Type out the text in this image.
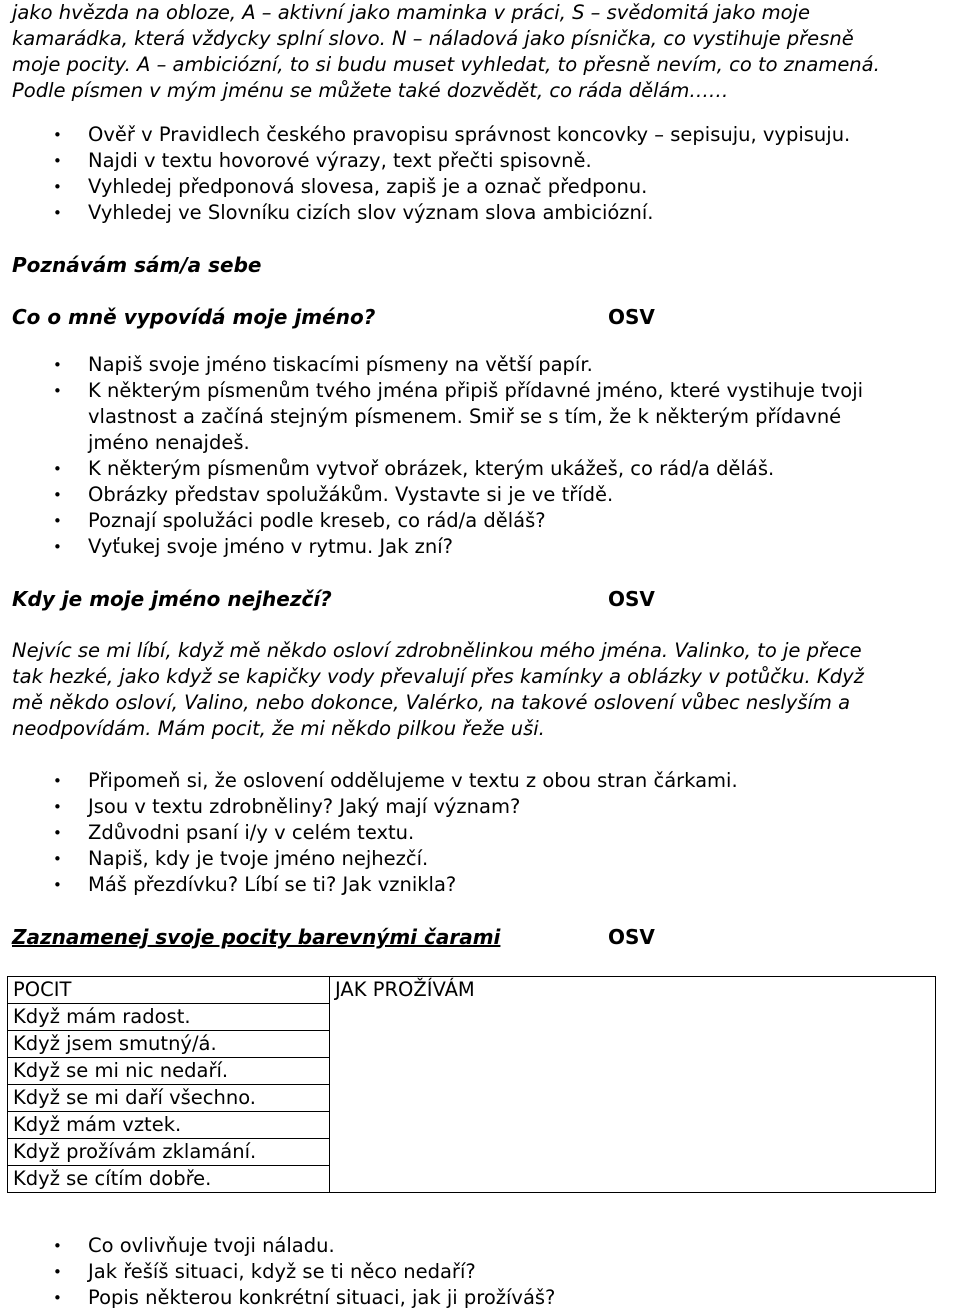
jako hvězda na obloze, A – aktivní jako maminka v práci, S – svědomitá jako moje

kamarádka, která vždycky splní slovo. N – náladová jako písnička, co vystihuje přesně

moje pocity. A – ambiciózní, to si budu muset vyhledat, to přesně nevím, co to znamená.

Podle písmen v mým jménu se můžete také dozvědět, co ráda dělám……

• Ověř v Pravidlech českého pravopisu správnost koncovky – sepisuju, vypisuju.
• Najdi v textu hovorové výrazy, text přečti spisovně.
• Vyhledej předponová slovesa, zapiš je a označ předponu.
• Vyhledej ve Slovníku cizích slov význam slova ambiciózní.

Poznávám sám/a sebe

Co o mně vypovídá moje jméno?	OSV
• Napiš svoje jméno tiskacími písmeny na větší papír.
• K některým písmenům tvého jména připiš přídavné jméno, které vystihuje tvoji
vlastnost a začíná stejným písmenem. Smiř se s tím, že k některým přídavné
jméno nenajdeš.
• K některým písmenům vytvoř obrázek, kterým ukážeš, co rád/a děláš.
• Obrázky představ spolužákům. Vystavte si je ve třídě.
• Poznají spolužáci podle kreseb, co rád/a děláš?
• Vyťukej svoje jméno v rytmu. Jak zní?
Kdy je moje jméno nejhezčí?	OSV

Nejvíc se mi líbí, když mě někdo osloví zdrobnělinkou mého jména. Valinko, to je přece

tak hezké, jako když se kapičky vody převalují přes kamínky a oblázky v potůčku. Když

mě někdo osloví, Valino, nebo dokonce, Valérko, na takové oslovení vůbec neslyším a

neodpovídám. Mám pocit, že mi někdo pilkou řeže uši.

• Připomeň si, že oslovení oddělujeme v textu z obou stran čárkami.
• Jsou v textu zdrobněliny? Jaký mají význam?
• Zdůvodni psaní i/y v celém textu.
• Napiš, kdy je tvoje jméno nejhezčí.
• Máš přezdívku? Líbí se ti? Jak vznikla?
Zaznamenej svoje pocity barevnými čarami	OSV
POCIT	JAK PROŽÍVÁM
Když mám radost.
Když jsem smutný/á.
Když se mi nic nedaří.
Když se mi daří všechno.
Když mám vztek.
Když prožívám zklamání.
Když se cítím dobře.
• Co ovlivňuje tvoji náladu.
• Jak řešíš situaci, když se ti něco nedaří?
• Popis některou konkrétní situaci, jak ji prožíváš?
